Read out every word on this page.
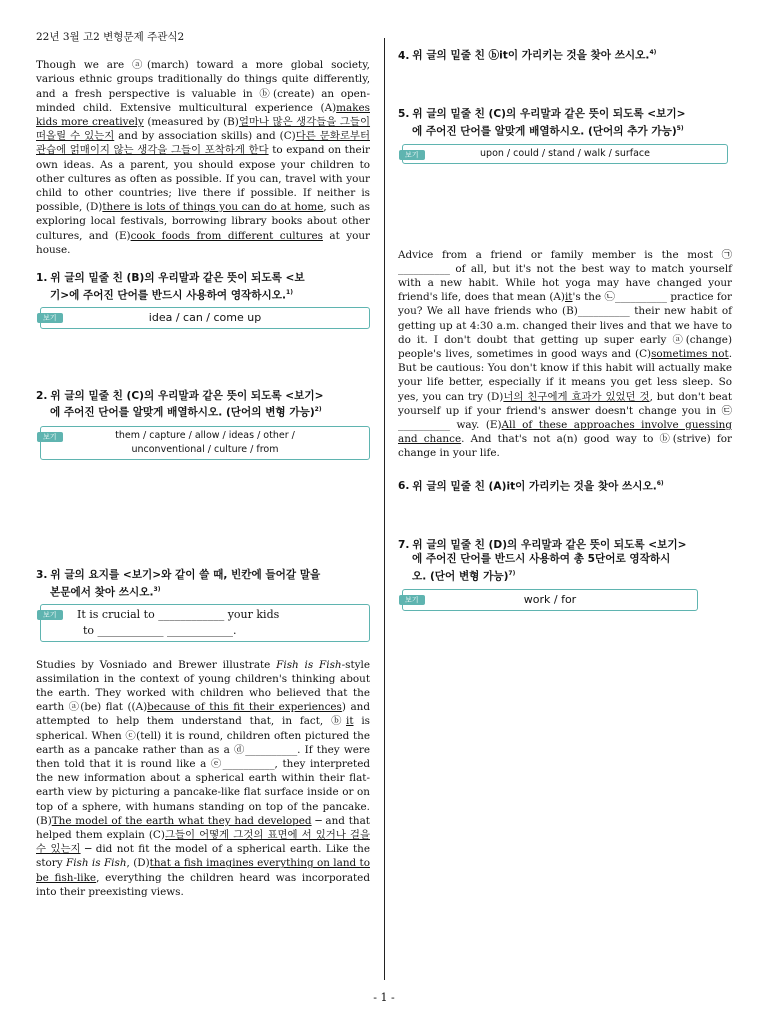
22년 3월 고2 변형문제 주관식2

Though we are ⓐ(march) toward a more global society, various ethnic groups traditionally do things quite differently, and a fresh perspective is valuable in ⓑ(create) an open-minded child. Extensive multicultural experience (A)makes kids more creatively (measured by (B)얼마나 많은 생각들을 그들이 떠올릴 수 있는지 and by association skills) and (C)다른 문화로부터 관습에 얽매이지 않는 생각을 그들이 포착하게 한다 to expand on their own ideas. As a parent, you should expose your children to other cultures as often as possible. If you can, travel with your child to other countries; live there if possible. If neither is possible, (D)there is lots of things you can do at home, such as exploring local festivals, borrowing library books about other cultures, and (E)cook foods from different cultures at your house.

1. 위 글의 밑줄 친 (B)의 우리말과 같은 뜻이 되도록 <보
기>에 주어진 단어를 반드시 사용하여 영작하시오.$^{1)}$

보기	idea / can / come up

2. 위 글의 밑줄 친 (C)의 우리말과 같은 뜻이 되도록 <보기>
에 주어진 단어를 알맞게 배열하시오. (단어의 변형 가능)$^{2)}$

보기	them / capture / allow / ideas / other /
unconventional / culture / from

3. 위 글의 요지를 <보기>와 같이 쓸 때, 빈칸에 들어갈 말을
본문에서 찾아 쓰시오.$^{3)}$

보기	It is crucial to ____________ your kids
to ____________ ____________.

Studies by Vosniado and Brewer illustrate Fish is Fish-style assimilation in the context of young children's thinking about the earth. They worked with children who believed that the earth ⓐ(be) flat ((A)because of this fit their experiences) and attempted to help them understand that, in fact, ⓑit is spherical. When ⓒ(tell) it is round, children often pictured the earth as a pancake rather than as a ⓓ__________. If they were then told that it is round like a ⓔ__________, they interpreted the new information about a spherical earth within their flat-earth view by picturing a pancake-like flat surface inside or on top of a sphere, with humans standing on top of the pancake. (B)The model of the earth what they had developed ─ and that helped them explain (C)그들이 어떻게 그것의 표면에 서 있거나 걸을 수 있는지 ─ did not fit the model of a spherical earth. Like the story Fish is Fish, (D)that a fish imagines everything on land to be fish-like, everything the children heard was incorporated into their preexisting views.

4. 위 글의 밑줄 친 ⓑit이 가리키는 것을 찾아 쓰시오.$^{4)}$

5. 위 글의 밑줄 친 (C)의 우리말과 같은 뜻이 되도록 <보기>
에 주어진 단어를 알맞게 배열하시오. (단어의 추가 가능)$^{5)}$

보기	upon / could / stand / walk / surface

Advice from a friend or family member is the most ㉠ __________ of all, but it's not the best way to match yourself with a new habit. While hot yoga may have changed your friend's life, does that mean (A)it's the ㉡__________ practice for you? We all have friends who (B)__________ their new habit of getting up at 4:30 a.m. changed their lives and that we have to do it. I don't doubt that getting up super early ⓐ(change) people's lives, sometimes in good ways and (C)sometimes not. But be cautious: You don't know if this habit will actually make your life better, especially if it means you get less sleep. So yes, you can try (D)너의 친구에게 효과가 있었던 것, but don't beat yourself up if your friend's answer doesn't change you in ㉢ __________ way. (E)All of these approaches involve guessing and chance. And that's not a(n) good way to ⓑ(strive) for change in your life.

6. 위 글의 밑줄 친 (A)it이 가리키는 것을 찾아 쓰시오.$^{6)}$

7. 위 글의 밑줄 친 (D)의 우리말과 같은 뜻이 되도록 <보기>
에 주어진 단어를 반드시 사용하여 총 5단어로 영작하시
오. (단어 변형 가능)$^{7)}$

보기	work / for
- 1 -
